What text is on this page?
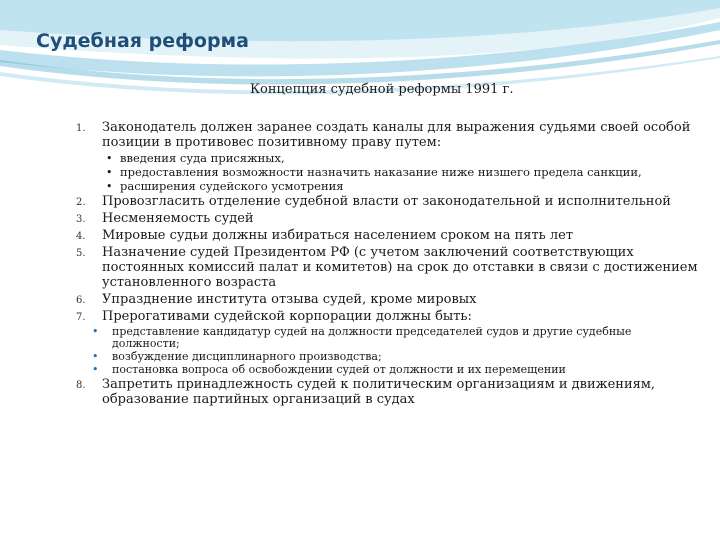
Судебная реформа
Концепция судебной реформы 1991 г.
1. Законодатель должен заранее создать каналы для выражения судьями своей особой позиции в противовес позитивному праву путем:
• введения суда присяжных,
• предоставления возможности назначить наказание ниже низшего предела санкции,
• расширения судейского усмотрения
2. Провозгласить отделение судебной власти от законодательной и исполнительной
3. Несменяемость судей
4. Мировые судьи должны избираться населением сроком на пять лет
5. Назначение судей Президентом РФ (с учетом заключений соответствующих постоянных комиссий палат и комитетов) на срок до отставки в связи с достижением установленного возраста
6. Упразднение института отзыва судей, кроме мировых
7. Прерогативами судейской корпорации должны быть:
• представление кандидатур судей на должности председателей судов и другие судебные должности;
• возбуждение дисциплинарного производства;
• постановка вопроса об освобождении судей от должности и их перемещении
8. Запретить принадлежность судей к политическим организациям и движениям, образование партийных организаций в судах
